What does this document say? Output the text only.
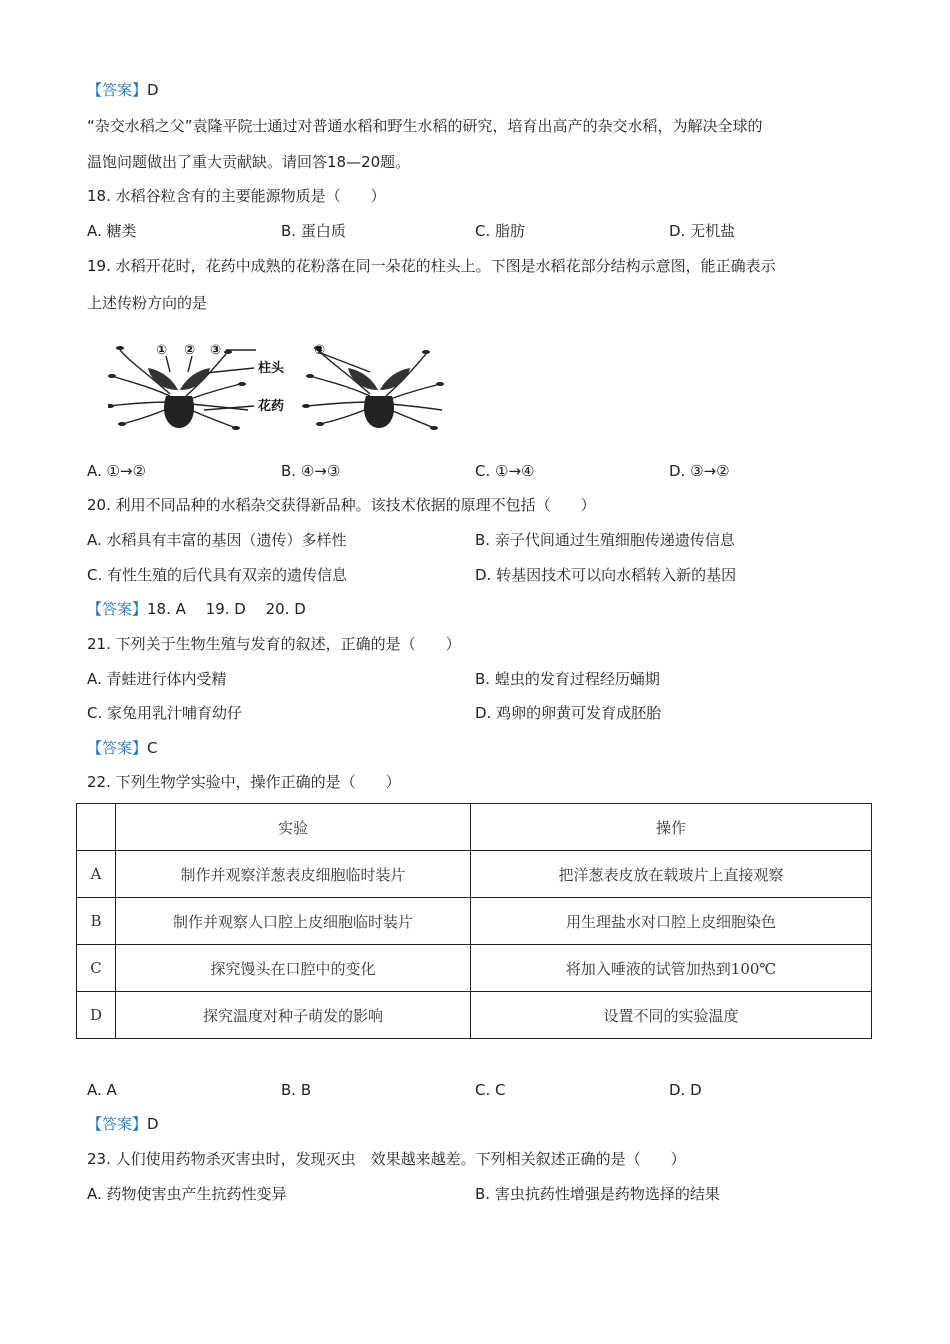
【答案】D
“杂交水稻之父”袁隆平院士通过对普通水稻和野生水稻的研究，培育出高产的杂交水稻，为解决全球的
温饱问题做出了重大贡献缺。请回答18—20题。
18. 水稻谷粒含有的主要能源物质是（　　）
A. 糖类	B. 蛋白质	C. 脂肪	D. 无机盐
19. 水稻开花时，花药中成熟的花粉落在同一朵花的柱头上。下图是水稻花部分结构示意图，能正确表示
上述传粉方向的是
① ② ③	④
柱头
花药
A. ①→②	B. ④→③	C. ①→④	D. ③→②
20. 利用不同品种的水稻杂交获得新品种。该技术依据的原理不包括（　　）
A. 水稻具有丰富的基因（遗传）多样性	B. 亲子代间通过生殖细胞传递遗传信息
C. 有性生殖的后代具有双亲的遗传信息	D. 转基因技术可以向水稻转入新的基因
【答案】18. A　 19. D　 20. D
21. 下列关于生物生殖与发育的叙述，正确的是（　　）
A. 青蛙进行体内受精	B. 蝗虫的发育过程经历蛹期
C. 家兔用乳汁哺育幼仔	D. 鸡卵的卵黄可发育成胚胎
【答案】C
22. 下列生物学实验中，操作正确的是（　　）
	实验	操作
A	制作并观察洋葱表皮细胞临时装片	把洋葱表皮放在载玻片上直接观察
B	制作并观察人口腔上皮细胞临时装片	用生理盐水对口腔上皮细胞染色
C	探究馒头在口腔中的变化	将加入唾液的试管加热到100℃
D	探究温度对种子萌发的影响	设置不同的实验温度
A. A	B. B	C. C	D. D
【答案】D
23. 人们使用药物杀灭害虫时，发现灭虫　效果越来越差。下列相关叙述正确的是（　　）
A. 药物使害虫产生抗药性变异	B. 害虫抗药性增强是药物选择的结果
